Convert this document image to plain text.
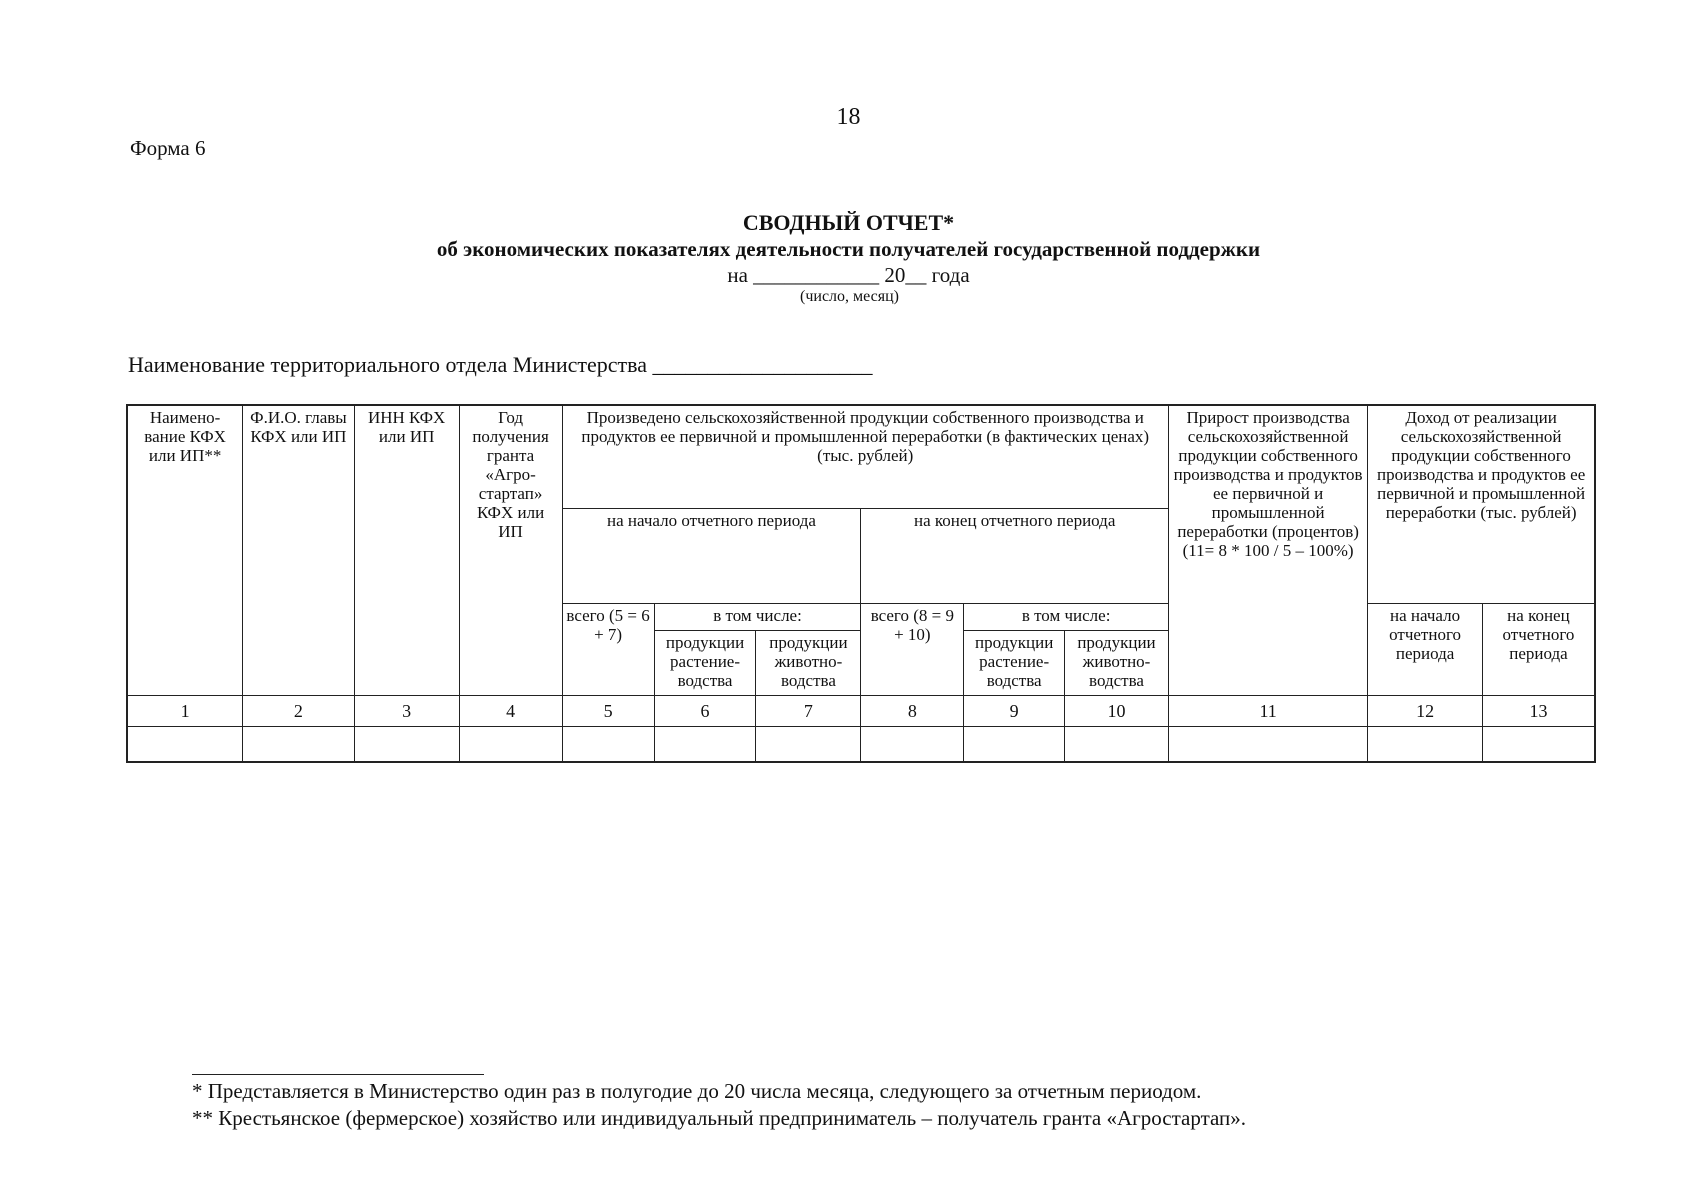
18
Форма 6
СВОДНЫЙ ОТЧЕТ*
об экономических показателях деятельности получателей государственной поддержки
на ____________ 20__ года
(число, месяц)
Наименование территориального отдела Министерства ____________________
Наимено-вание КФХ или ИП**	Ф.И.О. главы КФХ или ИП	ИНН КФХ или ИП	Год получения гранта «Агро-стартап» КФХ или ИП	Произведено сельскохозяйственной продукции собственного производства и продуктов ее первичной и промышленной переработки (в фактических ценах) (тыс. рублей)						Прирост производства сельскохозяйственной продукции собственного производства и продуктов ее первичной и промышленной переработки (процентов) (11= 8 * 100 / 5 – 100%)	Доход от реализации сельскохозяйственной продукции собственного производства и продуктов ее первичной и промышленной переработки (тыс. рублей)	
				на начало отчетного периода			на конец отчетного периода					
				всего (5 = 6 + 7)	в том числе:		всего (8 = 9 + 10)	в том числе:			на начало отчетного периода	на конец отчетного периода
					продукции растение-водства	продукции животно-водства		продукции растение-водства	продукции животно-водства			
1	2	3	4	5	6	7	8	9	10	11	12	13

* Представляется в Министерство один раз в полугодие до 20 числа месяца, следующего за отчетным периодом.
** Крестьянское (фермерское) хозяйство или индивидуальный предприниматель – получатель гранта «Агростартап».
